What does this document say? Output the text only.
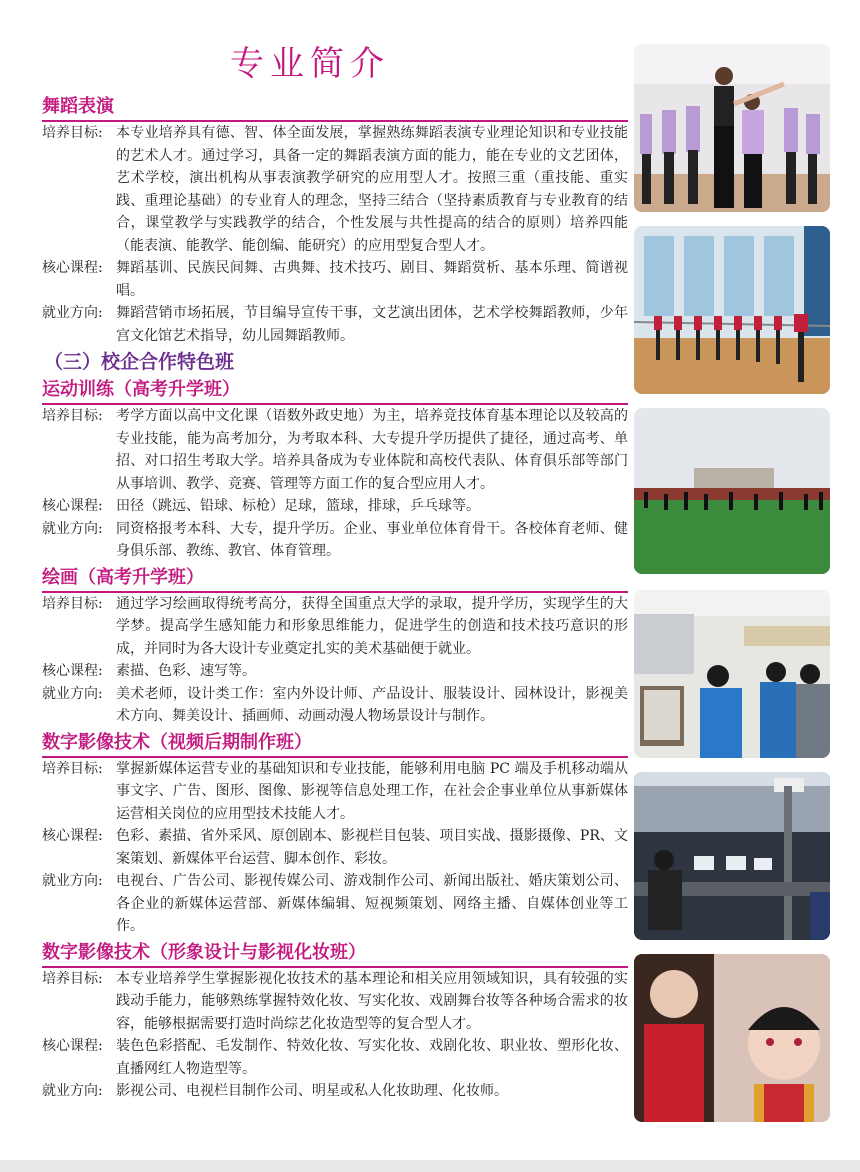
专业简介
舞蹈表演
培养目标: 本专业培养具有德、智、体全面发展，掌握熟练舞蹈表演专业理论知识和专业技能的艺术人才。通过学习，具备一定的舞蹈表演方面的能力，能在专业的文艺团体，艺术学校，演出机构从事表演教学研究的应用型人才。按照三重（重技能、重实践、重理论基础）的专业育人的理念，坚持三结合（坚持素质教育与专业教育的结合，课堂教学与实践教学的结合，个性发展与共性提高的结合的原则）培养四能（能表演、能教学、能创编、能研究）的应用型复合型人才。
核心课程: 舞蹈基训、民族民间舞、古典舞、技术技巧、剧目、舞蹈赏析、基本乐理、简谱视唱。
就业方向: 舞蹈营销市场拓展，节目编导宣传干事，文艺演出团体，艺术学校舞蹈教师，少年宫文化馆艺术指导，幼儿园舞蹈教师。
（三）校企合作特色班
运动训练（高考升学班）
培养目标: 考学方面以高中文化课（语数外政史地）为主，培养竞技体育基本理论以及较高的专业技能，能为高考加分，为考取本科、大专提升学历提供了捷径，通过高考、单招、对口招生考取大学。培养具备成为专业体院和高校代表队、体育俱乐部等部门从事培训、教学、竞赛、管理等方面工作的复合型应用人才。
核心课程: 田径（跳远、铅球、标枪）足球，篮球，排球，乒乓球等。
就业方向: 同资格报考本科、大专，提升学历。企业、事业单位体育骨干。各校体育老师、健身俱乐部、教练、教官、体育管理。
绘画（高考升学班）
培养目标: 通过学习绘画取得统考高分，获得全国重点大学的录取，提升学历，实现学生的大学梦。提高学生感知能力和形象思维能力，促进学生的创造和技术技巧意识的形成，并同时为各大设计专业奠定扎实的美术基础便于就业。
核心课程: 素描、色彩、速写等。
就业方向: 美术老师，设计类工作：室内外设计师、产品设计、服装设计、园林设计，影视美术方向、舞美设计、插画师、动画动漫人物场景设计与制作。
数字影像技术（视频后期制作班）
培养目标: 掌握新媒体运营专业的基础知识和专业技能，能够利用电脑 PC 端及手机移动端从事文字、广告、图形、图像、影视等信息处理工作，在社会企事业单位从事新媒体运营相关岗位的应用型技术技能人才。
核心课程: 色彩、素描、省外采风、原创剧本、影视栏目包装、项目实战、摄影摄像、PR、文案策划、新媒体平台运营、脚本创作、彩妆。
就业方向: 电视台、广告公司、影视传媒公司、游戏制作公司、新闻出版社、婚庆策划公司、各企业的新媒体运营部、新媒体编辑、短视频策划、网络主播、自媒体创业等工作。
数字影像技术（形象设计与影视化妆班）
培养目标: 本专业培养学生掌握影视化妆技术的基本理论和相关应用领域知识，具有较强的实践动手能力，能够熟练掌握特效化妆、写实化妆、戏剧舞台妆等各种场合需求的妆容，能够根据需要打造时尚综艺化妆造型等的复合型人才。
核心课程: 装色色彩搭配、毛发制作、特效化妆、写实化妆、戏剧化妆、职业妆、塑形化妆、直播网红人物造型等。
就业方向: 影视公司、电视栏目制作公司、明星或私人化妆助理、化妆师。
